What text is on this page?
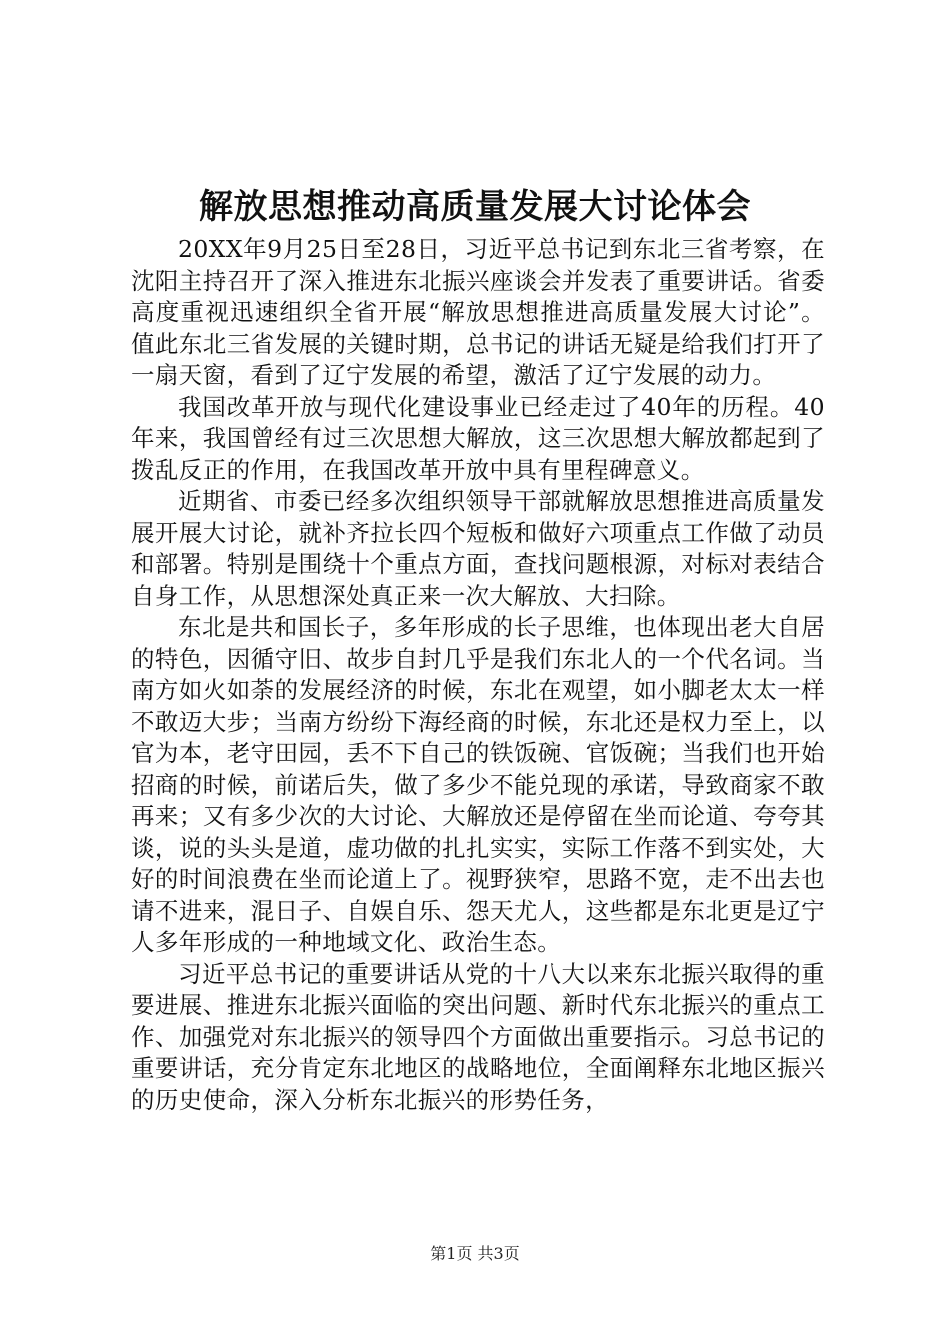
解放思想推动高质量发展大讨论体会

20XX年9月25日至28日，习近平总书记到东北三省考察，在沈阳主持召开了深入推进东北振兴座谈会并发表了重要讲话。省委高度重视迅速组织全省开展“解放思想推进高质量发展大讨论”。值此东北三省发展的关键时期，总书记的讲话无疑是给我们打开了一扇天窗，看到了辽宁发展的希望，激活了辽宁发展的动力。

我国改革开放与现代化建设事业已经走过了40年的历程。40年来，我国曾经有过三次思想大解放，这三次思想大解放都起到了拨乱反正的作用，在我国改革开放中具有里程碑意义。

近期省、市委已经多次组织领导干部就解放思想推进高质量发展开展大讨论，就补齐拉长四个短板和做好六项重点工作做了动员和部署。特别是围绕十个重点方面，查找问题根源，对标对表结合自身工作，从思想深处真正来一次大解放、大扫除。

东北是共和国长子，多年形成的长子思维，也体现出老大自居的特色，因循守旧、故步自封几乎是我们东北人的一个代名词。当南方如火如荼的发展经济的时候，东北在观望，如小脚老太太一样不敢迈大步；当南方纷纷下海经商的时候，东北还是权力至上，以官为本，老守田园，丢不下自己的铁饭碗、官饭碗；当我们也开始招商的时候，前诺后失，做了多少不能兑现的承诺，导致商家不敢再来；又有多少次的大讨论、大解放还是停留在坐而论道、夸夸其谈，说的头头是道，虚功做的扎扎实实，实际工作落不到实处，大好的时间浪费在坐而论道上了。视野狭窄，思路不宽，走不出去也请不进来，混日子、自娱自乐、怨天尤人，这些都是东北更是辽宁人多年形成的一种地域文化、政治生态。

习近平总书记的重要讲话从党的十八大以来东北振兴取得的重要进展、推进东北振兴面临的突出问题、新时代东北振兴的重点工作、加强党对东北振兴的领导四个方面做出重要指示。习总书记的重要讲话，充分肯定东北地区的战略地位，全面阐释东北地区振兴的历史使命，深入分析东北振兴的形势任务，

第1页 共3页
